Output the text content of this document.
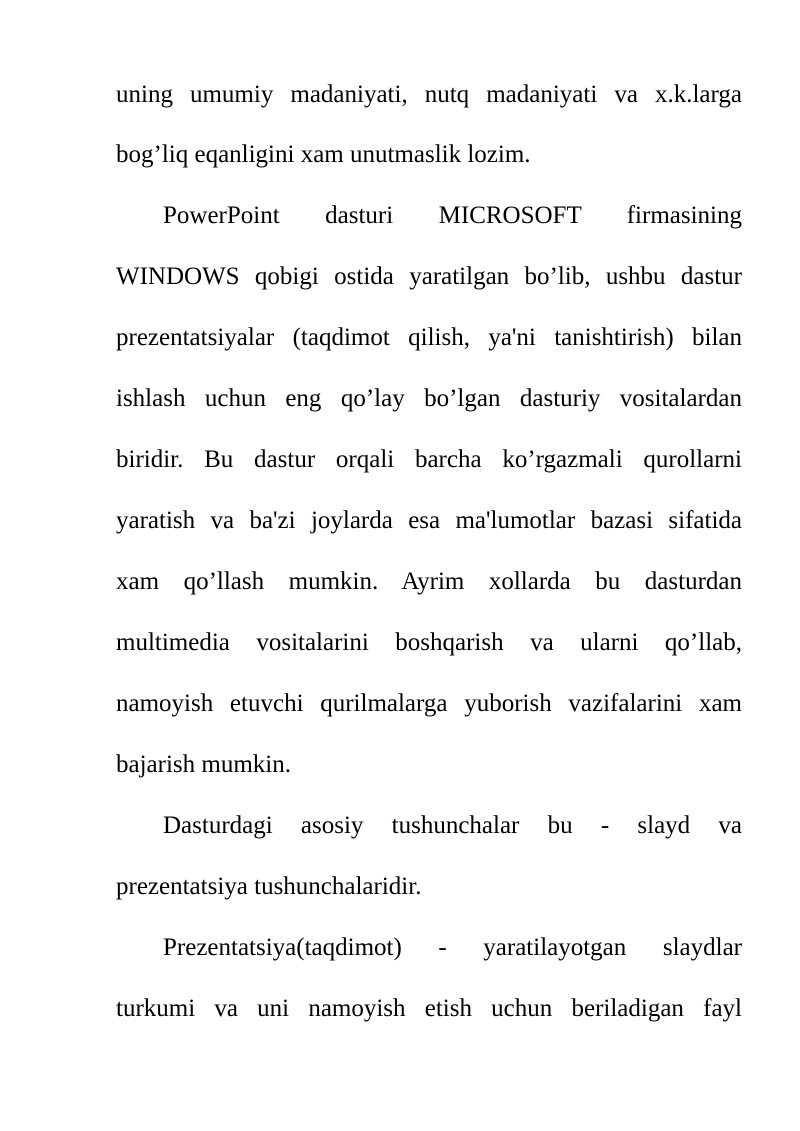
uning umumiy madaniyati, nutq madaniyati va x.k.larga
bog’liq eqanligini xam unutmaslik lozim.
PowerPoint dasturi MICROSOFT firmasining
WINDOWS qobigi ostida yaratilgan bo’lib, ushbu dastur
prezentatsiyalar (taqdimot qilish, ya'ni tanishtirish) bilan
ishlash uchun eng qo’lay bo’lgan dasturiy vositalardan
biridir. Bu dastur orqali barcha ko’rgazmali qurollarni
yaratish va ba'zi joylarda esa ma'lumotlar bazasi sifatida
xam qo’llash mumkin. Ayrim xollarda bu dasturdan
multimedia vositalarini boshqarish va ularni qo’llab,
namoyish etuvchi qurilmalarga yuborish vazifalarini xam
bajarish mumkin.
Dasturdagi asosiy tushunchalar bu - slayd va
prezentatsiya tushunchalaridir.
Prezentatsiya(taqdimot) - yaratilayotgan slaydlar
turkumi va uni namoyish etish uchun beriladigan fayl
